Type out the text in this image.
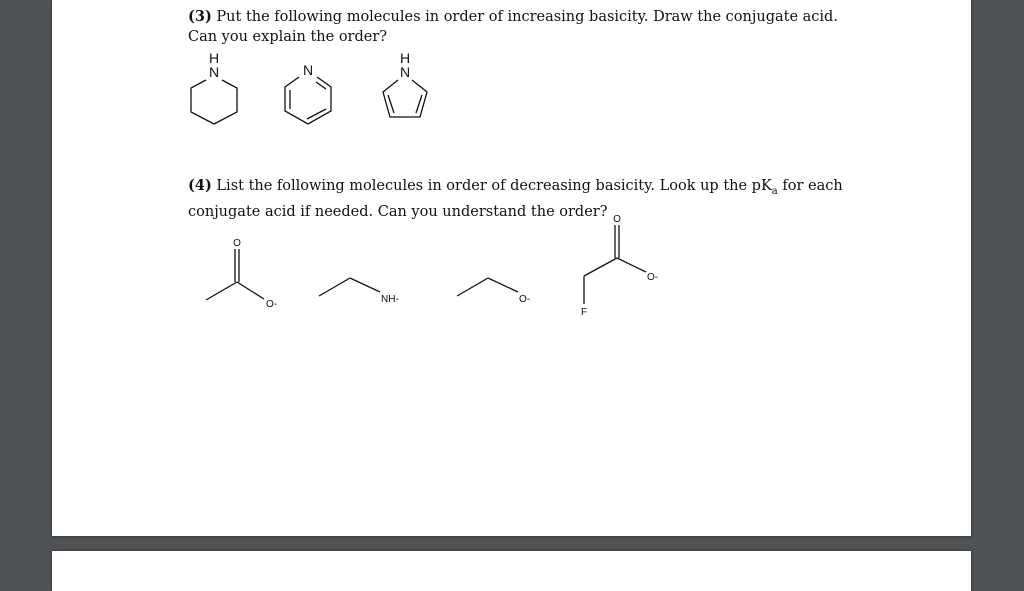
(3) Put the following molecules in order of increasing basicity. Draw the conjugate acid. Can you explain the order?
H
N	N
H
N
(4) List the following molecules in order of decreasing basicity. Look up the $pK_a$ for each conjugate acid if needed. Can you understand the order?
O
O-	NH-	O-
O
O-
F
